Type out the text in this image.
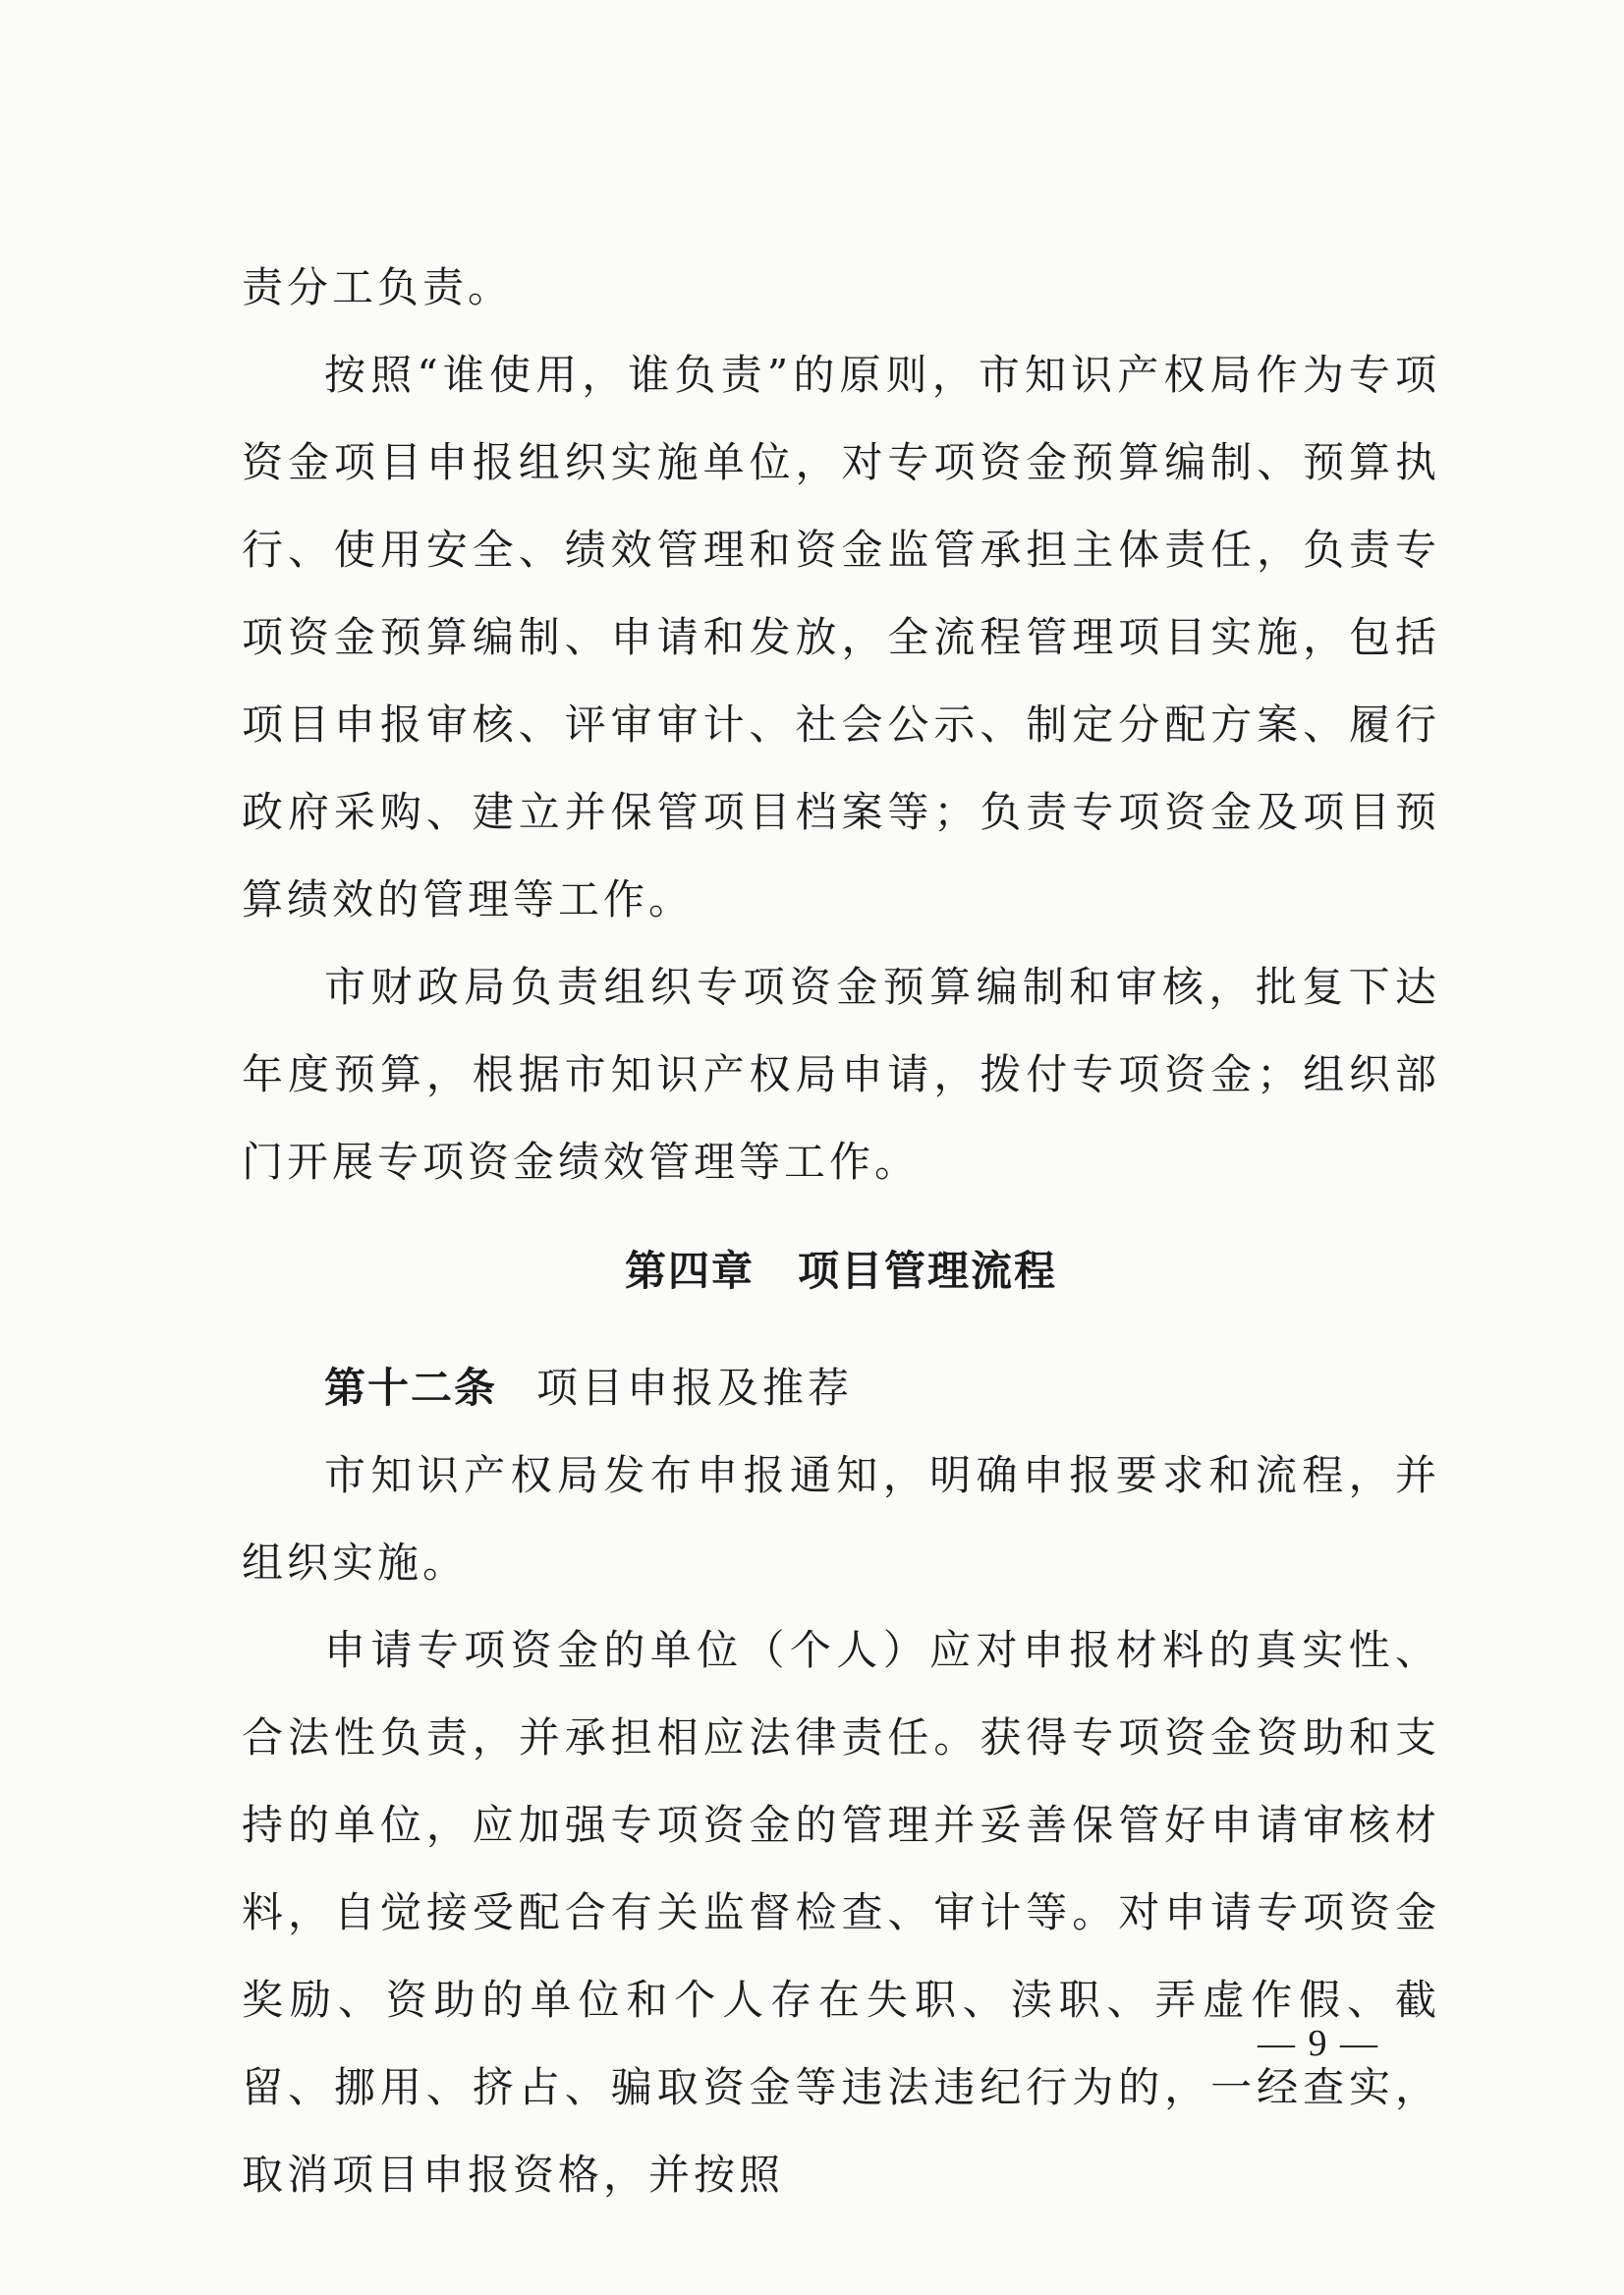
责分工负责。

按照“谁使用，谁负责”的原则，市知识产权局作为专项资金项目申报组织实施单位，对专项资金预算编制、预算执行、使用安全、绩效管理和资金监管承担主体责任，负责专项资金预算编制、申请和发放，全流程管理项目实施，包括项目申报审核、评审审计、社会公示、制定分配方案、履行政府采购、建立并保管项目档案等；负责专项资金及项目预算绩效的管理等工作。

市财政局负责组织专项资金预算编制和审核，批复下达年度预算，根据市知识产权局申请，拨付专项资金；组织部门开展专项资金绩效管理等工作。

第四章 项目管理流程

第十二条 项目申报及推荐

市知识产权局发布申报通知，明确申报要求和流程，并组织实施。

申请专项资金的单位（个人）应对申报材料的真实性、合法性负责，并承担相应法律责任。获得专项资金资助和支持的单位，应加强专项资金的管理并妥善保管好申请审核材料，自觉接受配合有关监督检查、审计等。对申请专项资金奖励、资助的单位和个人存在失职、渎职、弄虚作假、截留、挪用、挤占、骗取资金等违法违纪行为的，一经查实，取消项目申报资格，并按照

— 9 —
